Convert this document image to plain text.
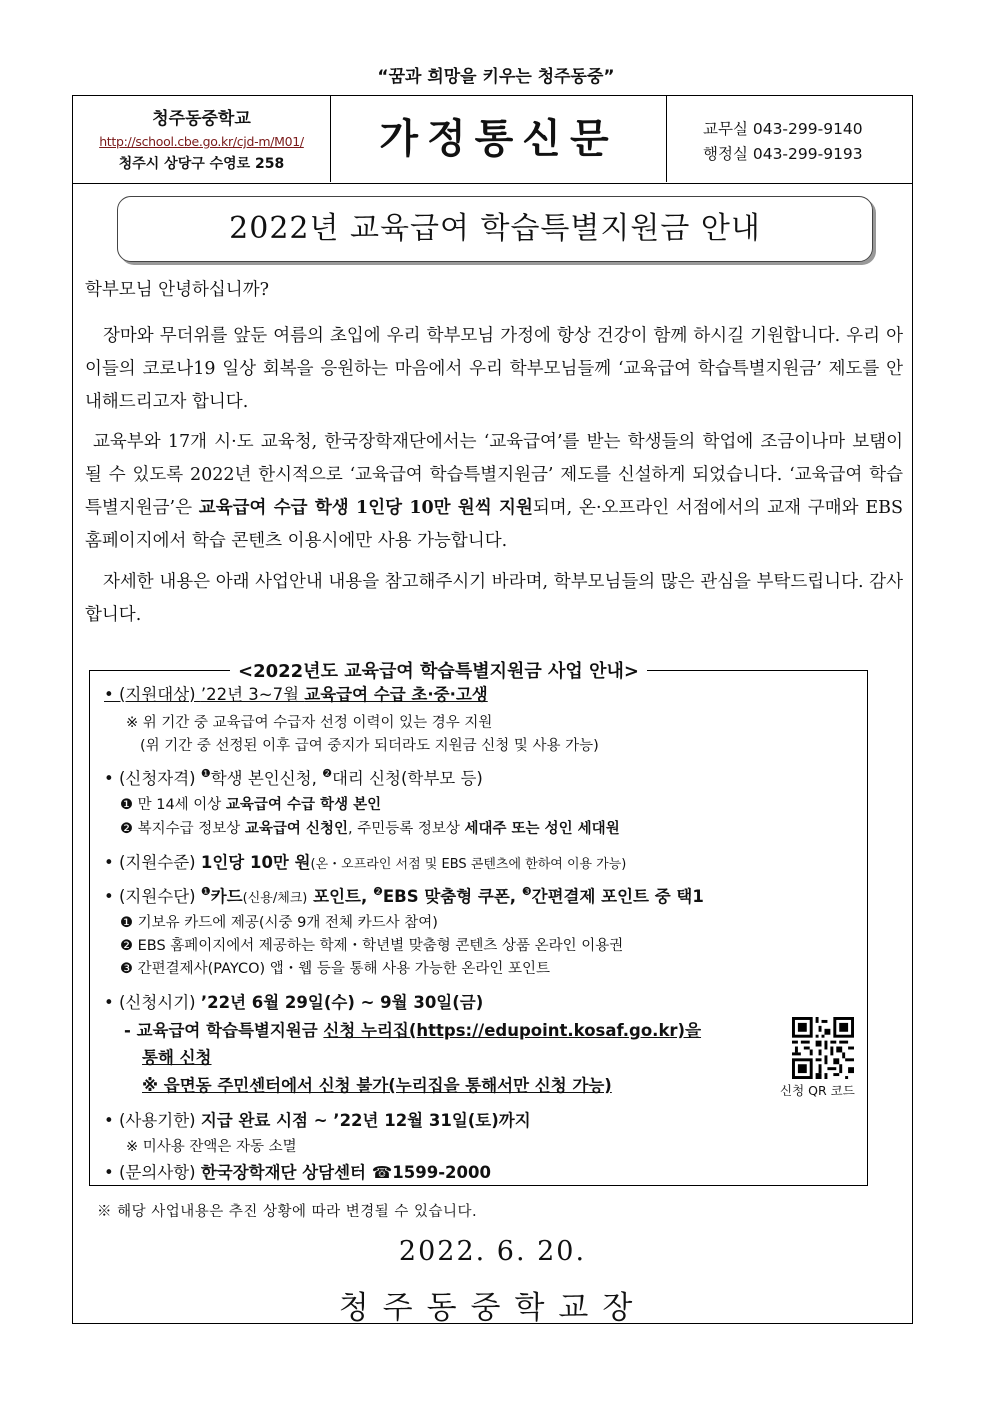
“꿈과 희망을 키우는 청주동중”
청주동중학교
http://school.cbe.go.kr/cjd-m/M01/
청주시 상당구 수영로 258
가정통신문	교무실 043-299-9140
행정실 043-299-9193
2022년 교육급여 학습특별지원금 안내
학부모님 안녕하십니까?

장마와 무더위를 앞둔 여름의 초입에 우리 학부모님 가정에 항상 건강이 함께 하시길 기원합니다. 우리 아이들의 코로나19 일상 회복을 응원하는 마음에서 우리 학부모님들께 ‘교육급여 학습특별지원금’ 제도를 안내해드리고자 합니다.

교육부와 17개 시·도 교육청, 한국장학재단에서는 ‘교육급여’를 받는 학생들의 학업에 조금이나마 보탬이 될 수 있도록 2022년 한시적으로 ‘교육급여 학습특별지원금’ 제도를 신설하게 되었습니다. ‘교육급여 학습특별지원금’은 교육급여 수급 학생 1인당 10만 원씩 지원되며, 온·오프라인 서점에서의 교재 구매와 EBS 홈페이지에서 학습 콘텐츠 이용시에만 사용 가능합니다.

자세한 내용은 아래 사업안내 내용을 참고해주시기 바라며, 학부모님들의 많은 관심을 부탁드립니다. 감사합니다.

<2022년도 교육급여 학습특별지원금 사업 안내>
• (지원대상) ’22년 3~7월 교육급여 수급 초·중·고생
※ 위 기간 중 교육급여 수급자 선정 이력이 있는 경우 지원
(위 기간 중 선정된 이후 급여 중지가 되더라도 지원금 신청 및 사용 가능)
• (신청자격) $^❶$학생 본인신청, $^❷$대리 신청(학부모 등)
❶ 만 14세 이상 교육급여 수급 학생 본인
❷ 복지수급 정보상 교육급여 신청인, 주민등록 정보상 세대주 또는 성인 세대원
• (지원수준) 1인당 10만 원(온・오프라인 서점 및 EBS 콘텐츠에 한하여 이용 가능)
• (지원수단) $^❶$카드(신용/체크) 포인트, $^❷$EBS 맞춤형 쿠폰, $^❸$간편결제 포인트 중 택1
❶ 기보유 카드에 제공(시중 9개 전체 카드사 참여)
❷ EBS 홈페이지에서 제공하는 학제・학년별 맞춤형 콘텐츠 상품 온라인 이용권
❸ 간편결제사(PAYCO) 앱・웹 등을 통해 사용 가능한 온라인 포인트
• (신청시기) ’22년 6월 29일(수) ~ 9월 30일(금)
- 교육급여 학습특별지원금 신청 누리집(https://edupoint.kosaf.go.kr)을
통해 신청
※ 읍면동 주민센터에서 신청 불가(누리집을 통해서만 신청 가능)	신청 QR 코드
• (사용기한) 지급 완료 시점 ~ ’22년 12월 31일(토)까지
※ 미사용 잔액은 자동 소멸
• (문의사항) 한국장학재단 상담센터 ☎1599-2000
※ 해당 사업내용은 추진 상황에 따라 변경될 수 있습니다.
2022. 6. 20.
청주동중학교장
